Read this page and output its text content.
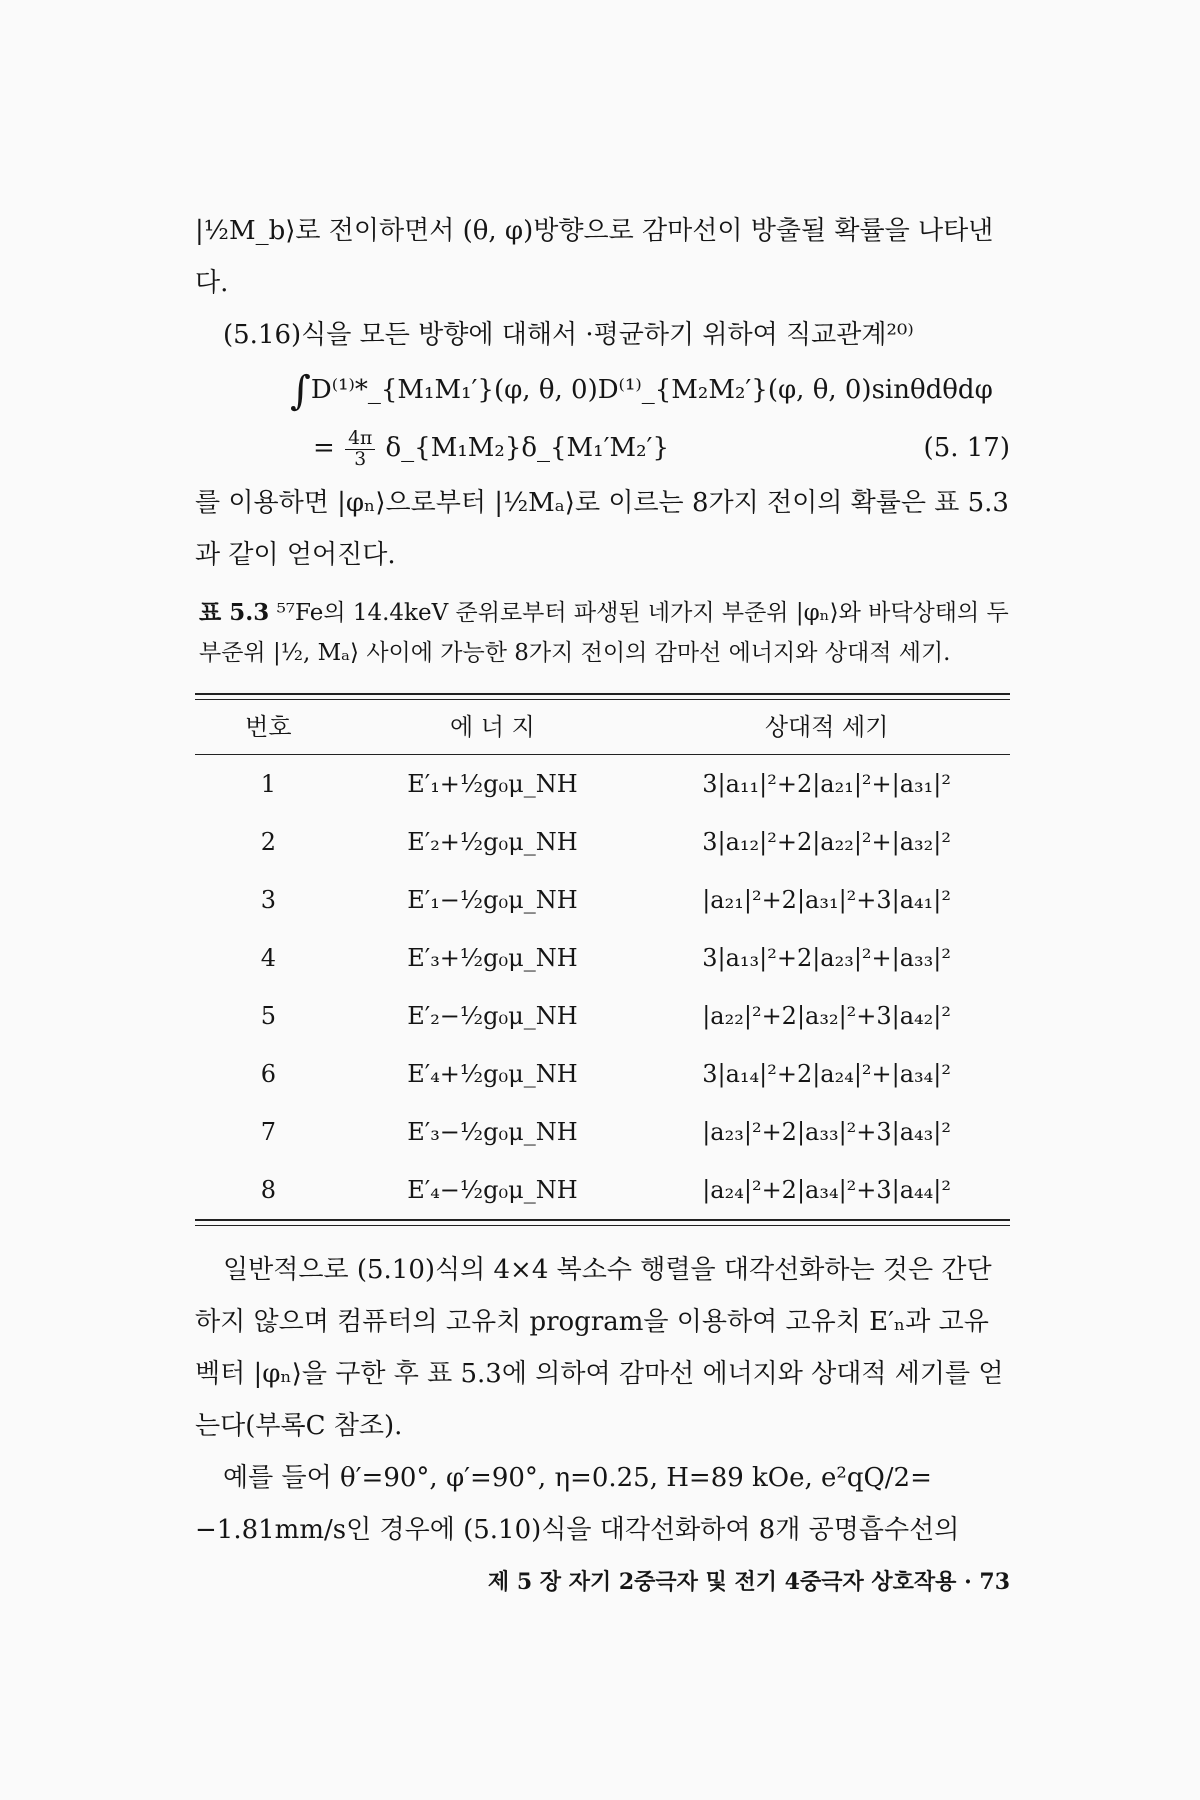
|½M_b⟩로 전이하면서 (θ, φ)방향으로 감마선이 방출될 확률을 나타낸다.

(5.16)식을 모든 방향에 대해서 ·평균하기 위하여 직교관계²⁰⁾

∫D⁽¹⁾*_{M₁M₁′}(φ, θ, 0)D⁽¹⁾_{M₂M₂′}(φ, θ, 0)sinθdθdφ
= $\frac{4\pi}{3}$ δ_{M₁M₂}δ_{M₁′M₂′}	(5. 17)

를 이용하면 |φₙ⟩으로부터 |½Mₐ⟩로 이르는 8가지 전이의 확률은 표 5.3과 같이 얻어진다.

표 5.3 ⁵⁷Fe의 14.4keV 준위로부터 파생된 네가지 부준위 |φₙ⟩와 바닥상태의 두 부준위 |½, Mₐ⟩ 사이에 가능한 8가지 전이의 감마선 에너지와 상대적 세기.
번호	에 너 지	상대적 세기
1	E′₁+½g₀μ_NH	3|a₁₁|²+2|a₂₁|²+|a₃₁|²
2	E′₂+½g₀μ_NH	3|a₁₂|²+2|a₂₂|²+|a₃₂|²
3	E′₁−½g₀μ_NH	|a₂₁|²+2|a₃₁|²+3|a₄₁|²
4	E′₃+½g₀μ_NH	3|a₁₃|²+2|a₂₃|²+|a₃₃|²
5	E′₂−½g₀μ_NH	|a₂₂|²+2|a₃₂|²+3|a₄₂|²
6	E′₄+½g₀μ_NH	3|a₁₄|²+2|a₂₄|²+|a₃₄|²
7	E′₃−½g₀μ_NH	|a₂₃|²+2|a₃₃|²+3|a₄₃|²
8	E′₄−½g₀μ_NH	|a₂₄|²+2|a₃₄|²+3|a₄₄|²

일반적으로 (5.10)식의 4×4 복소수 행렬을 대각선화하는 것은 간단하지 않으며 컴퓨터의 고유치 program을 이용하여 고유치 E′ₙ과 고유벡터 |φₙ⟩을 구한 후 표 5.3에 의하여 감마선 에너지와 상대적 세기를 얻는다(부록C 참조).

예를 들어 θ′=90°, φ′=90°, η=0.25, H=89 kOe, e²qQ/2= −1.81mm/s인 경우에 (5.10)식을 대각선화하여 8개 공명흡수선의

제 5 장 자기 2중극자 및 전기 4중극자 상호작용 · 73
